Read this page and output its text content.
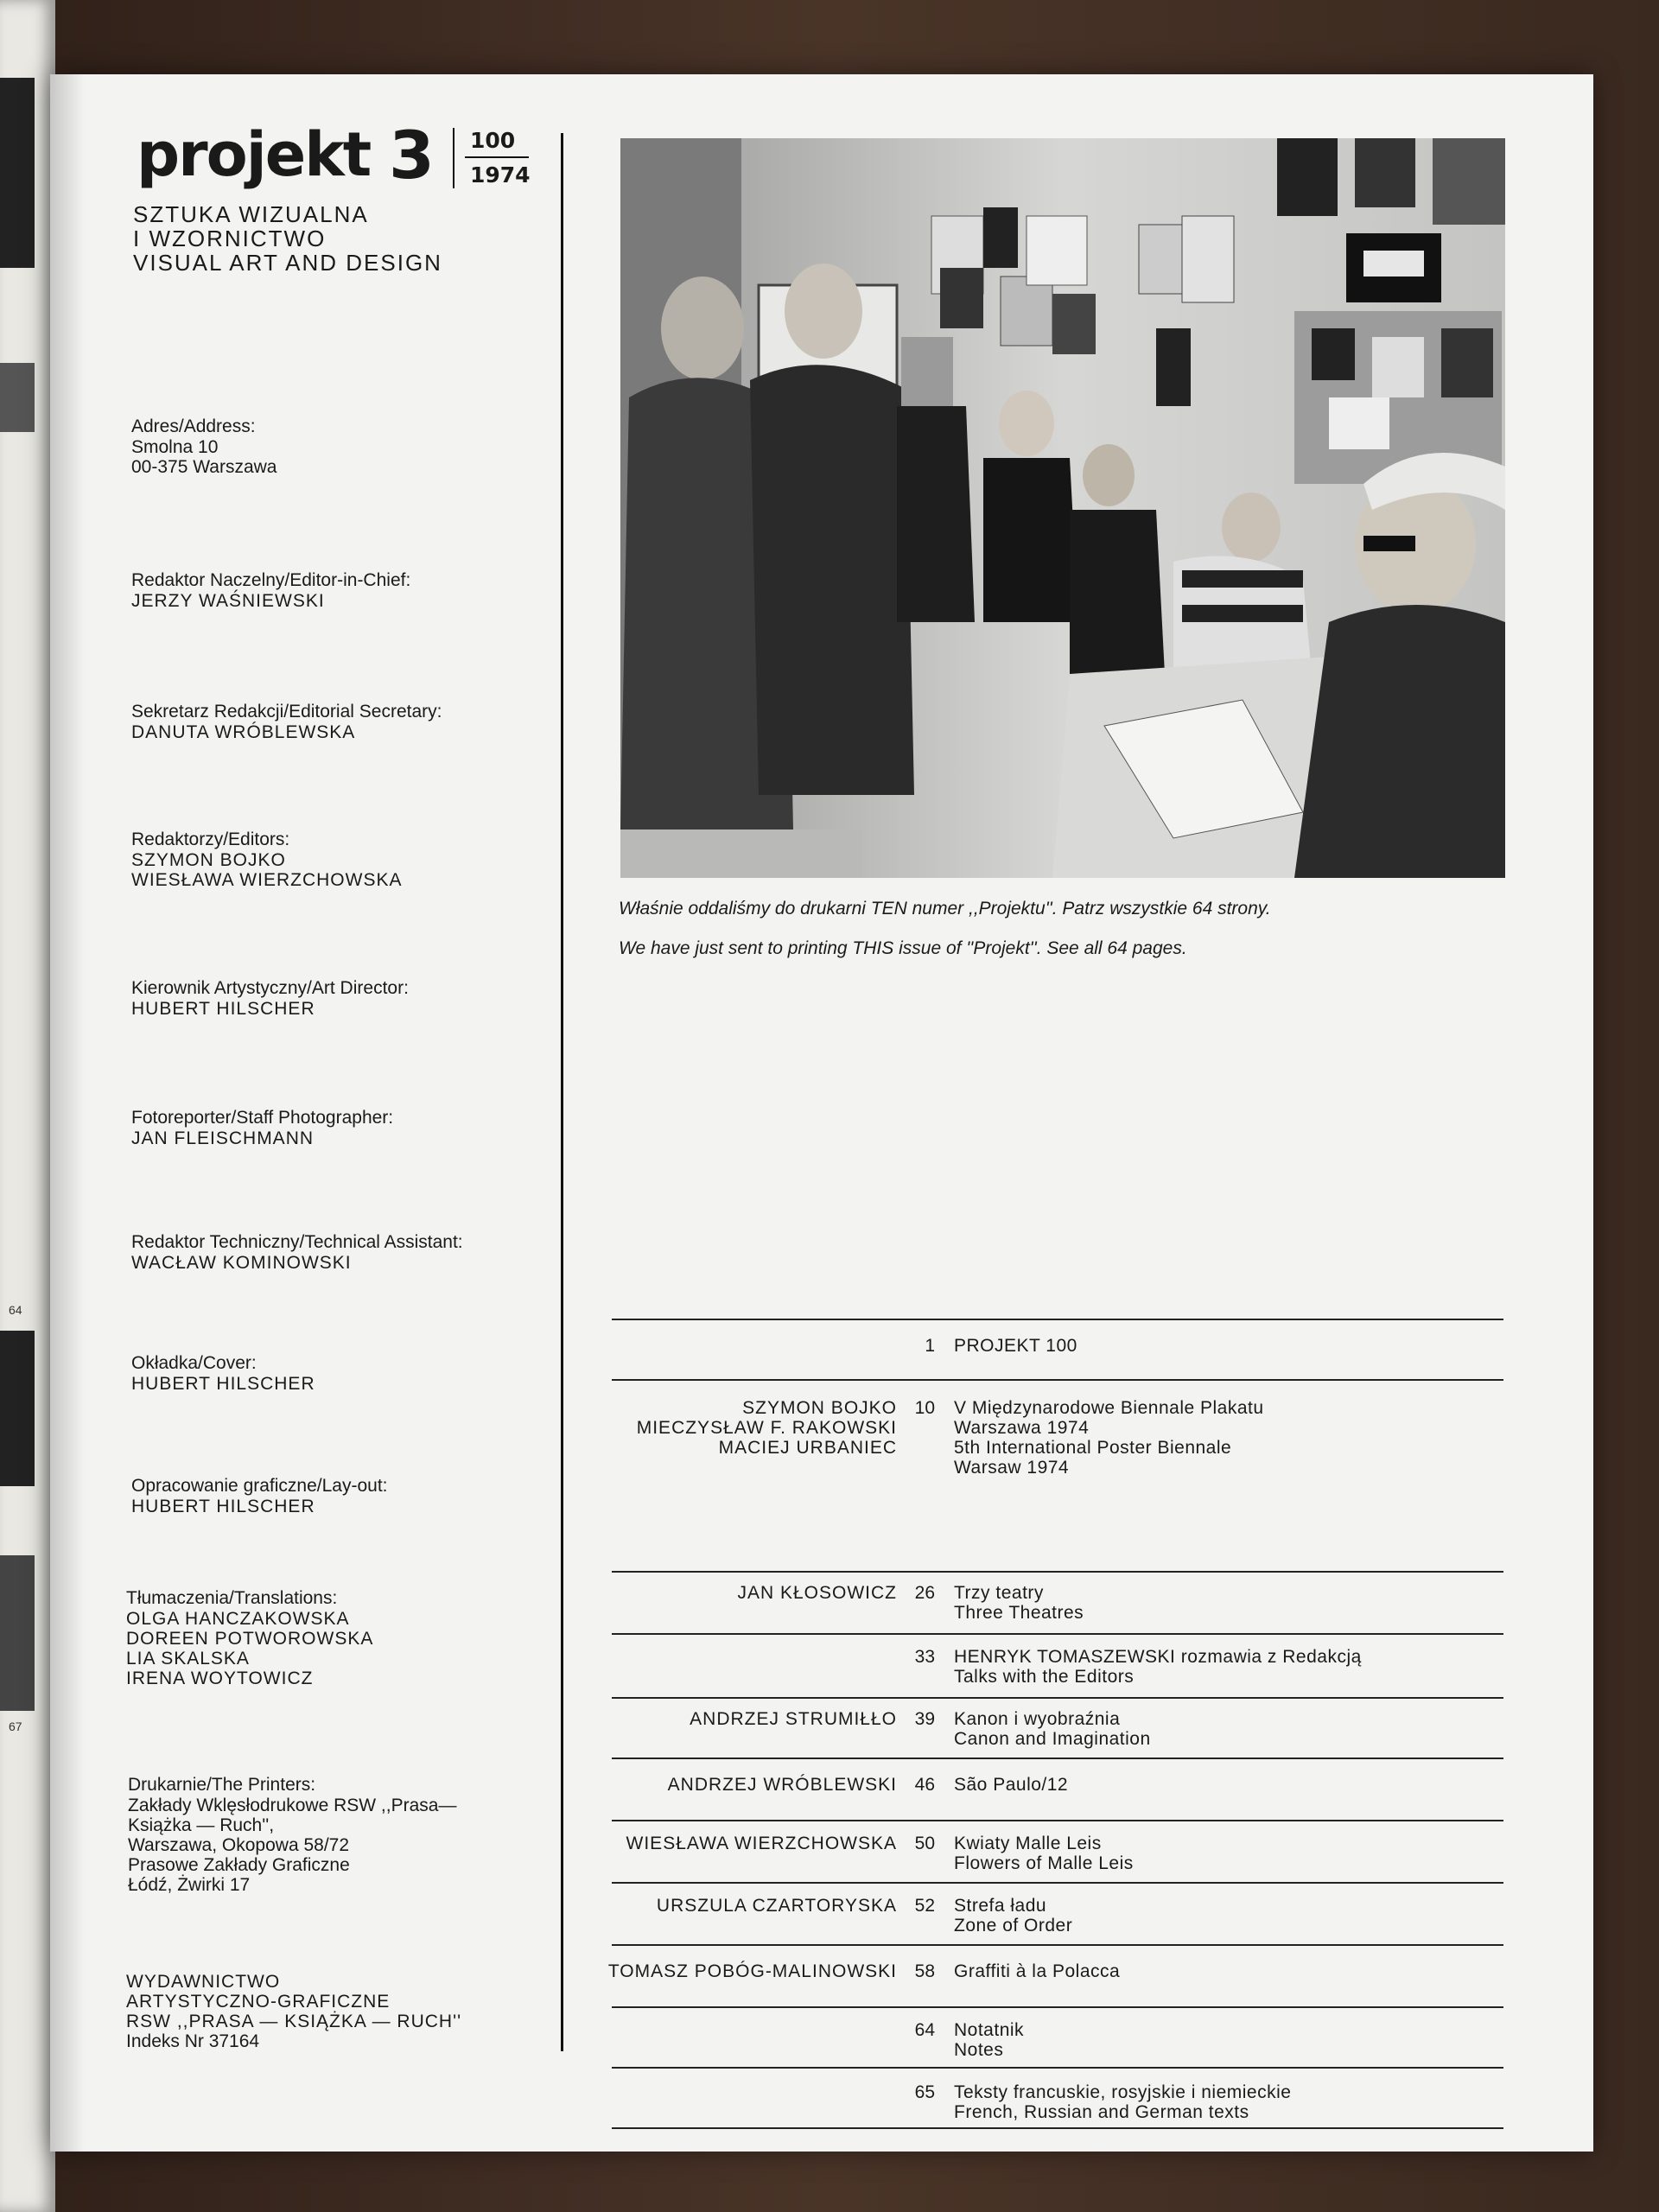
64
67
projekt 3 100
1974
SZTUKA WIZUALNA
I WZORNICTWO
VISUAL ART AND DESIGN
Adres/Address:
Smolna 10
00-375 Warszawa
Redaktor Naczelny/Editor-in-Chief:
JERZY WAŚNIEWSKI
Sekretarz Redakcji/Editorial Secretary:
DANUTA WRÓBLEWSKA
Redaktorzy/Editors:
SZYMON BOJKO
WIESŁAWA WIERZCHOWSKA
Kierownik Artystyczny/Art Director:
HUBERT HILSCHER
Fotoreporter/Staff Photographer:
JAN FLEISCHMANN
Redaktor Techniczny/Technical Assistant:
WACŁAW KOMINOWSKI
Okładka/Cover:
HUBERT HILSCHER
Opracowanie graficzne/Lay-out:
HUBERT HILSCHER
Tłumaczenia/Translations:
OLGA HANCZAKOWSKA
DOREEN POTWOROWSKA
LIA SKALSKA
IRENA WOYTOWICZ
Drukarnie/The Printers:
Zakłady Wklęsłodrukowe RSW ,,Prasa—
Książka — Ruch'',
Warszawa, Okopowa 58/72
Prasowe Zakłady Graficzne
Łódź, Żwirki 17
WYDAWNICTWO
ARTYSTYCZNO-GRAFICZNE
RSW ,,PRASA — KSIĄŻKA — RUCH''
Indeks Nr 37164
Właśnie oddaliśmy do drukarni TEN numer ,,Projektu''. Patrz wszystkie 64 strony.
We have just sent to printing THIS issue of ''Projekt''. See all 64 pages.
1 PROJEKT 100
SZYMON BOJKO
MIECZYSŁAW F. RAKOWSKI
MACIEJ URBANIEC
10 V Międzynarodowe Biennale Plakatu
Warszawa 1974
5th International Poster Biennale
Warsaw 1974
JAN KŁOSOWICZ 26 Trzy teatry
Three Theatres
33 HENRYK TOMASZEWSKI rozmawia z Redakcją
Talks with the Editors
ANDRZEJ STRUMIŁŁO 39 Kanon i wyobraźnia
Canon and Imagination
ANDRZEJ WRÓBLEWSKI 46 São Paulo/12
WIESŁAWA WIERZCHOWSKA 50 Kwiaty Malle Leis
Flowers of Malle Leis
URSZULA CZARTORYSKA 52 Strefa ładu
Zone of Order
TOMASZ POBÓG-MALINOWSKI 58 Graffiti à la Polacca
64 Notatnik
Notes
65 Teksty francuskie, rosyjskie i niemieckie
French, Russian and German texts
